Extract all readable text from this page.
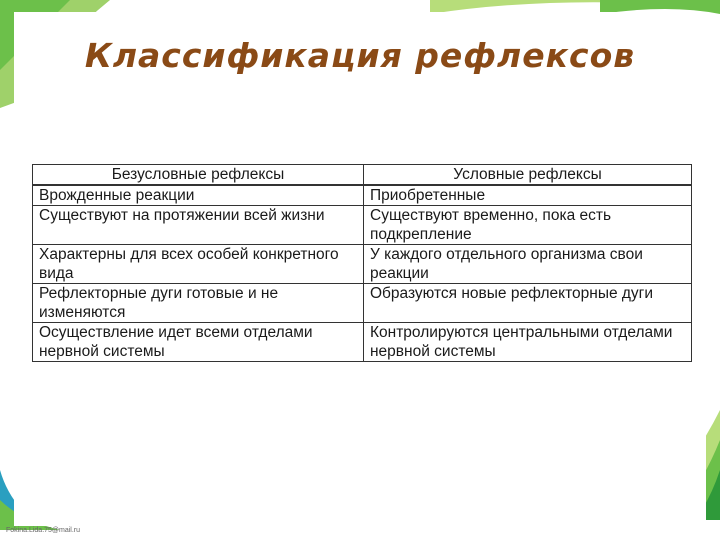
Классификация рефлексов
Безусловные рефлексы	Условные рефлексы
Врожденные реакции	Приобретенные
Существуют на протяжении всей жизни	Существуют временно, пока есть подкрепление
Характерны для всех особей конкретного вида	У каждого отдельного организма свои реакции
Рефлекторные дуги готовые и не изменяются	Образуются новые рефлекторные дуги
Осуществление идет всеми отделами нервной системы	Контролируются центральными отделами нервной системы
Fokina.Lida.75@mail.ru
